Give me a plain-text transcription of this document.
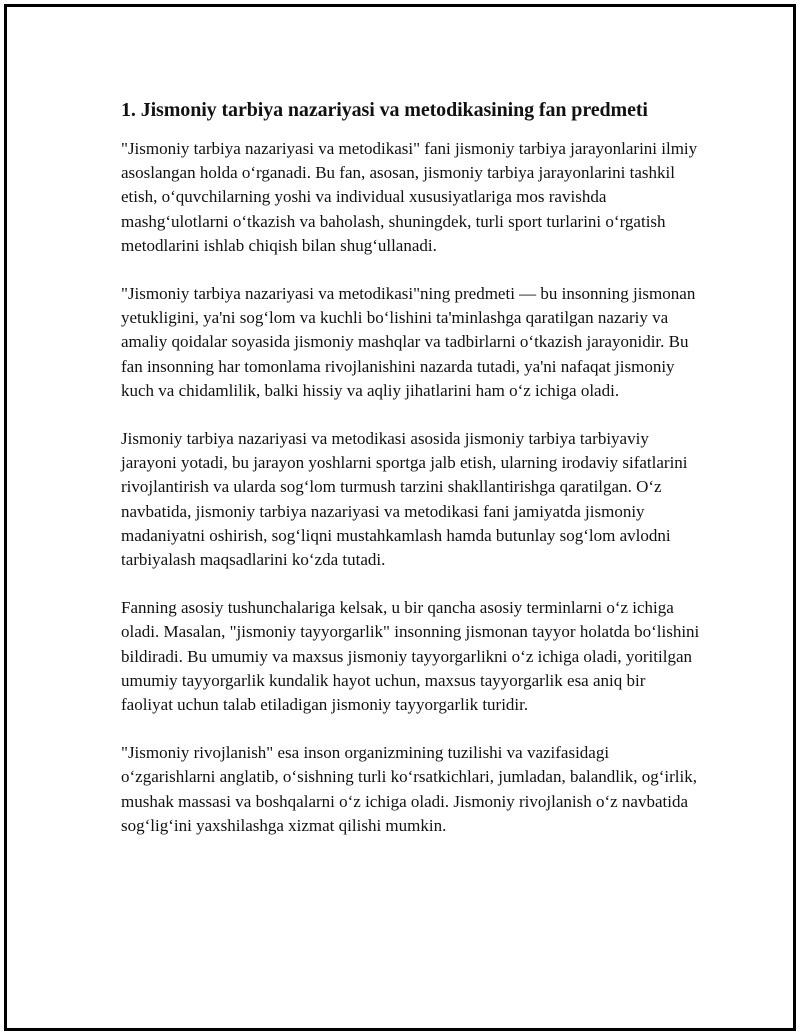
1. Jismoniy tarbiya nazariyasi va metodikasining fan predmeti

"Jismoniy tarbiya nazariyasi va metodikasi" fani jismoniy tarbiya jarayonlarini ilmiy asoslangan holda oʻrganadi. Bu fan, asosan, jismoniy tarbiya jarayonlarini tashkil etish, oʻquvchilarning yoshi va individual xususiyatlariga mos ravishda mashgʻulotlarni oʻtkazish va baholash, shuningdek, turli sport turlarini oʻrgatish metodlarini ishlab chiqish bilan shugʻullanadi.

"Jismoniy tarbiya nazariyasi va metodikasi"ning predmeti — bu insonning jismonan yetukligini, ya'ni sogʻlom va kuchli boʻlishini ta'minlashga qaratilgan nazariy va amaliy qoidalar soyasida jismoniy mashqlar va tadbirlarni oʻtkazish jarayonidir. Bu fan insonning har tomonlama rivojlanishini nazarda tutadi, ya'ni nafaqat jismoniy kuch va chidamlilik, balki hissiy va aqliy jihatlarini ham oʻz ichiga oladi.

Jismoniy tarbiya nazariyasi va metodikasi asosida jismoniy tarbiya tarbiyaviy jarayoni yotadi, bu jarayon yoshlarni sportga jalb etish, ularning irodaviy sifatlarini rivojlantirish va ularda sogʻlom turmush tarzini shakllantirishga qaratilgan. Oʻz navbatida, jismoniy tarbiya nazariyasi va metodikasi fani jamiyatda jismoniy madaniyatni oshirish, sogʻliqni mustahkamlash hamda butunlay sogʻlom avlodni tarbiyalash maqsadlarini koʻzda tutadi.

Fanning asosiy tushunchalariga kelsak, u bir qancha asosiy terminlarni oʻz ichiga oladi. Masalan, "jismoniy tayyorgarlik" insonning jismonan tayyor holatda boʻlishini bildiradi. Bu umumiy va maxsus jismoniy tayyorgarlikni oʻz ichiga oladi, yoritilgan umumiy tayyorgarlik kundalik hayot uchun, maxsus tayyorgarlik esa aniq bir faoliyat uchun talab etiladigan jismoniy tayyorgarlik turidir.

"Jismoniy rivojlanish" esa inson organizmining tuzilishi va vazifasidagi oʻzgarishlarni anglatib, oʻsishning turli koʻrsatkichlari, jumladan, balandlik, ogʻirlik, mushak massasi va boshqalarni oʻz ichiga oladi. Jismoniy rivojlanish oʻz navbatida sogʻligʻini yaxshilashga xizmat qilishi mumkin.
